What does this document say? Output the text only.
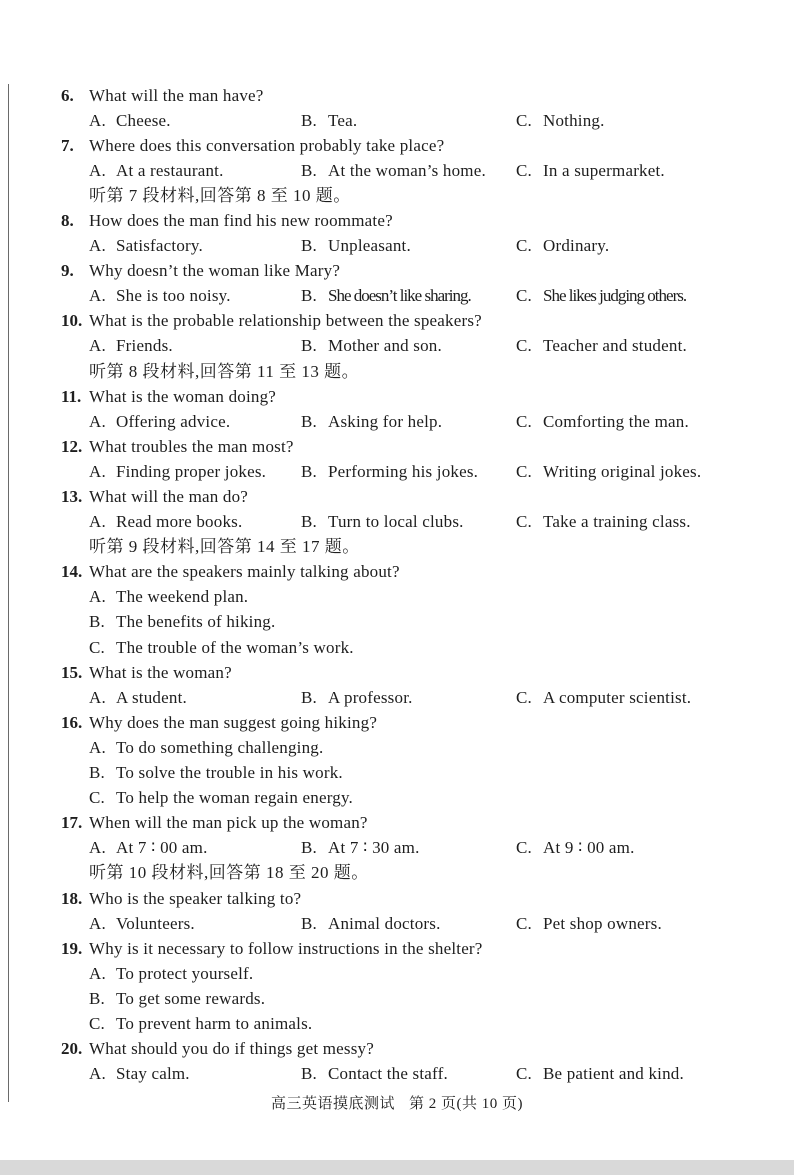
6. What will the man have?
A. Cheese.	B. Tea.	C. Nothing.
7. Where does this conversation probably take place?
A. At a restaurant.	B. At the woman’s home. C. In a supermarket.
听第 7 段材料,回答第 8 至 10 题。
8. How does the man find his new roommate?
A. Satisfactory.	B. Unpleasant.	C. Ordinary.
9. Why doesn’t the woman like Mary?
A. She is too noisy.	B. She doesn’t like sharing.	C. She likes judging others.
10. What is the probable relationship between the speakers?
A. Friends.	B. Mother and son.	C. Teacher and student.
听第 8 段材料,回答第 11 至 13 题。
11. What is the woman doing?
A. Offering advice.	B. Asking for help.	C. Comforting the man.
12. What troubles the man most?
A. Finding proper jokes. B. Performing his jokes. C. Writing original jokes.
13. What will the man do?
A. Read more books.	B. Turn to local clubs.	C. Take a training class.
听第 9 段材料,回答第 14 至 17 题。
14. What are the speakers mainly talking about?
A. The weekend plan.
B. The benefits of hiking.
C. The trouble of the woman’s work.
15. What is the woman?
A. A student.	B. A professor.	C. A computer scientist.
16. Why does the man suggest going hiking?
A. To do something challenging.
B. To solve the trouble in his work.
C. To help the woman regain energy.
17. When will the man pick up the woman?
A. At 7 ∶ 00 am.	B. At 7 ∶ 30 am.	C. At 9 ∶ 00 am.
听第 10 段材料,回答第 18 至 20 题。
18. Who is the speaker talking to?
A. Volunteers.	B. Animal doctors.	C. Pet shop owners.
19. Why is it necessary to follow instructions in the shelter?
A. To protect yourself.
B. To get some rewards.
C. To prevent harm to animals.
20. What should you do if things get messy?
A. Stay calm.	B. Contact the staff.	C. Be patient and kind.
高三英语摸底测试 第 2 页(共 10 页)
